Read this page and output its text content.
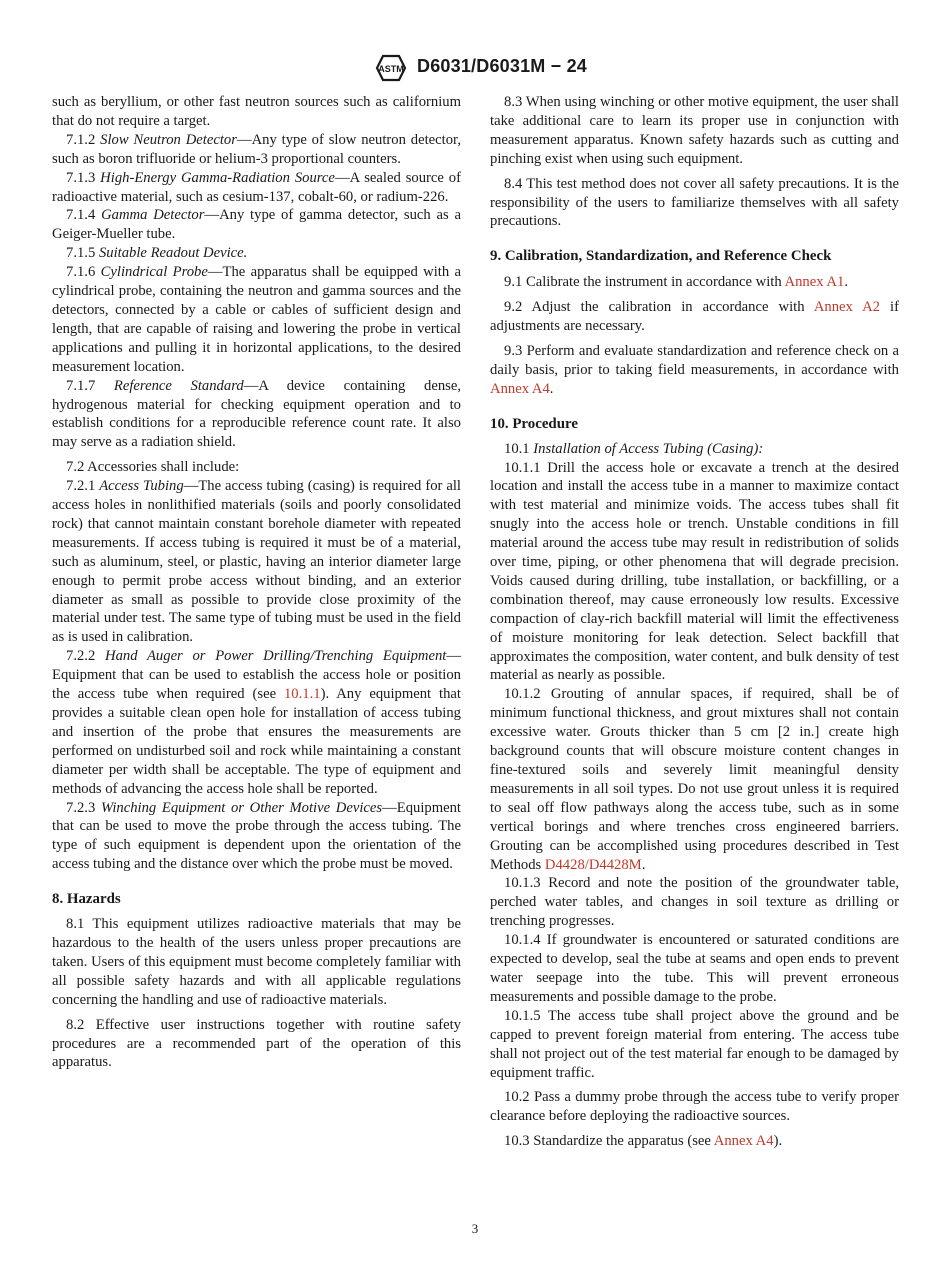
ASTM D6031/D6031M − 24

such as beryllium, or other fast neutron sources such as californium that do not require a target.

7.1.2 Slow Neutron Detector—Any type of slow neutron detector, such as boron trifluoride or helium-3 proportional counters.

7.1.3 High-Energy Gamma-Radiation Source—A sealed source of radioactive material, such as cesium-137, cobalt-60, or radium-226.

7.1.4 Gamma Detector—Any type of gamma detector, such as a Geiger-Mueller tube.

7.1.5 Suitable Readout Device.

7.1.6 Cylindrical Probe—The apparatus shall be equipped with a cylindrical probe, containing the neutron and gamma sources and the detectors, connected by a cable or cables of sufficient design and length, that are capable of raising and lowering the probe in vertical applications and pulling it in horizontal applications, to the desired measurement location.

7.1.7 Reference Standard—A device containing dense, hydrogenous material for checking equipment operation and to establish conditions for a reproducible reference count rate. It also may serve as a radiation shield.

7.2 Accessories shall include:

7.2.1 Access Tubing—The access tubing (casing) is required for all access holes in nonlithified materials (soils and poorly consolidated rock) that cannot maintain constant borehole diameter with repeated measurements. If access tubing is required it must be of a material, such as aluminum, steel, or plastic, having an interior diameter large enough to permit probe access without binding, and an exterior diameter as small as possible to provide close proximity of the material under test. The same type of tubing must be used in the field as is used in calibration.

7.2.2 Hand Auger or Power Drilling/Trenching Equipment—Equipment that can be used to establish the access hole or position the access tube when required (see 10.1.1). Any equipment that provides a suitable clean open hole for installation of access tubing and insertion of the probe that ensures the measurements are performed on undisturbed soil and rock while maintaining a constant diameter per width shall be acceptable. The type of equipment and methods of advancing the access hole shall be reported.

7.2.3 Winching Equipment or Other Motive Devices—Equipment that can be used to move the probe through the access tubing. The type of such equipment is dependent upon the orientation of the access tubing and the distance over which the probe must be moved.

8. Hazards

8.1 This equipment utilizes radioactive materials that may be hazardous to the health of the users unless proper precautions are taken. Users of this equipment must become completely familiar with all possible safety hazards and with all applicable regulations concerning the handling and use of radioactive materials.

8.2 Effective user instructions together with routine safety procedures are a recommended part of the operation of this apparatus.

8.3 When using winching or other motive equipment, the user shall take additional care to learn its proper use in conjunction with measurement apparatus. Known safety hazards such as cutting and pinching exist when using such equipment.

8.4 This test method does not cover all safety precautions. It is the responsibility of the users to familiarize themselves with all safety precautions.

9. Calibration, Standardization, and Reference Check

9.1 Calibrate the instrument in accordance with Annex A1.

9.2 Adjust the calibration in accordance with Annex A2 if adjustments are necessary.

9.3 Perform and evaluate standardization and reference check on a daily basis, prior to taking field measurements, in accordance with Annex A4.

10. Procedure

10.1 Installation of Access Tubing (Casing):

10.1.1 Drill the access hole or excavate a trench at the desired location and install the access tube in a manner to maximize contact with test material and minimize voids. The access tubes shall fit snugly into the access hole or trench. Unstable conditions in fill material around the access tube may result in redistribution of solids over time, piping, or other phenomena that will degrade precision. Voids caused during drilling, tube installation, or backfilling, or a combination thereof, may cause erroneously low results. Excessive compaction of clay-rich backfill material will limit the effectiveness of moisture monitoring for leak detection. Select backfill that approximates the composition, water content, and bulk density of test material as nearly as possible.

10.1.2 Grouting of annular spaces, if required, shall be of minimum functional thickness, and grout mixtures shall not contain excessive water. Grouts thicker than 5 cm [2 in.] create high background counts that will obscure moisture content changes in fine-textured soils and severely limit meaningful density measurements in all soil types. Do not use grout unless it is required to seal off flow pathways along the access tube, such as in some vertical borings and where trenches cross engineered barriers. Grouting can be accomplished using procedures described in Test Methods D4428/D4428M.

10.1.3 Record and note the position of the groundwater table, perched water tables, and changes in soil texture as drilling or trenching progresses.

10.1.4 If groundwater is encountered or saturated conditions are expected to develop, seal the tube at seams and open ends to prevent water seepage into the tube. This will prevent erroneous measurements and possible damage to the probe.

10.1.5 The access tube shall project above the ground and be capped to prevent foreign material from entering. The access tube shall not project out of the test material far enough to be damaged by equipment traffic.

10.2 Pass a dummy probe through the access tube to verify proper clearance before deploying the radioactive sources.

10.3 Standardize the apparatus (see Annex A4).

3
